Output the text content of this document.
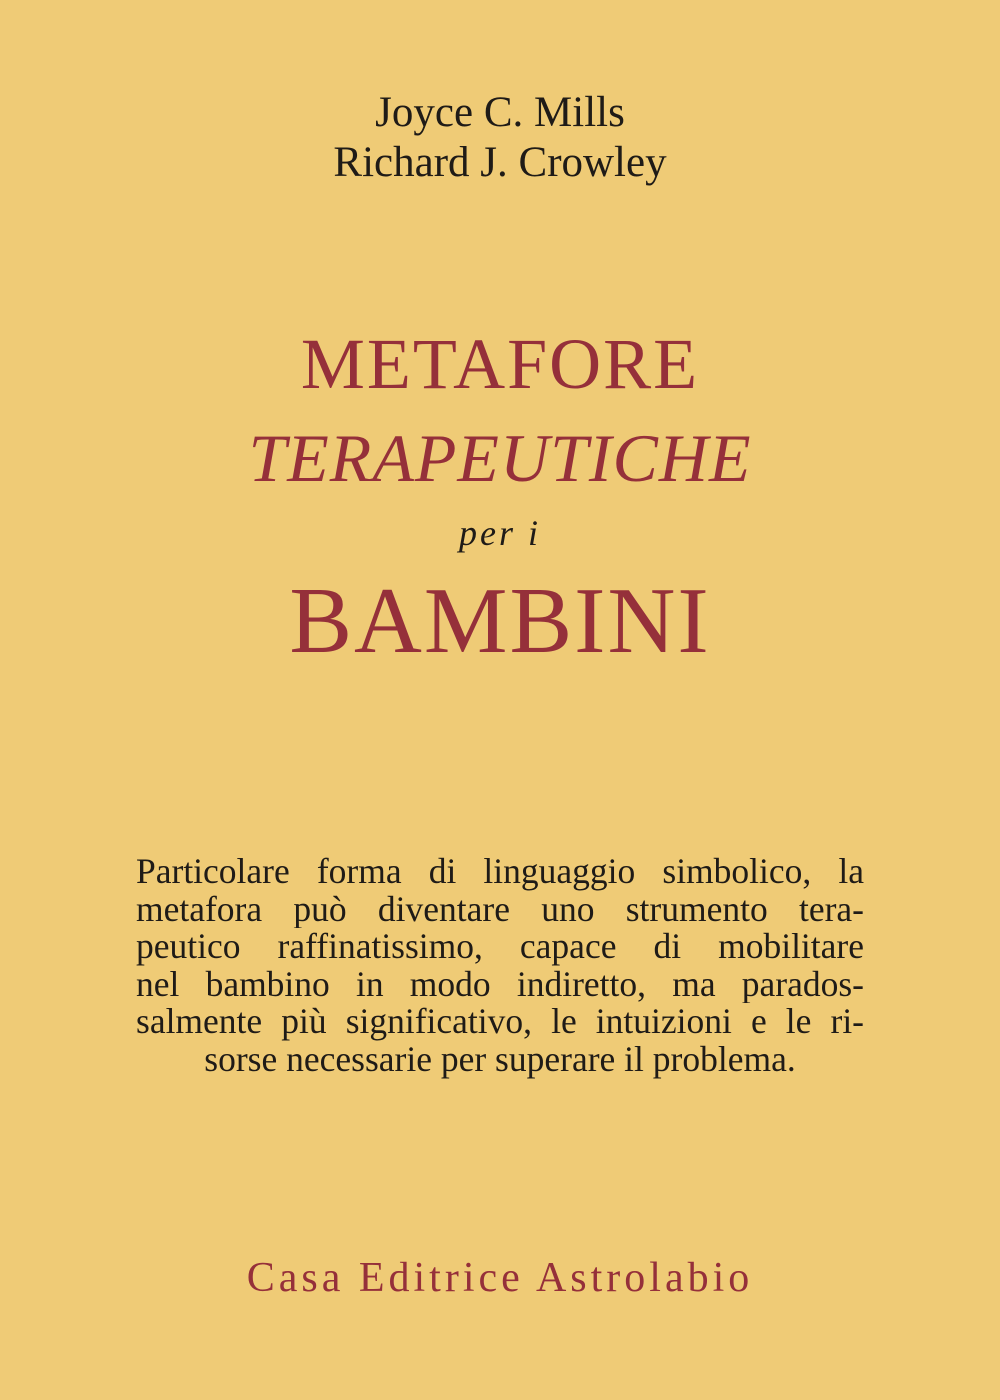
Joyce C. Mills
Richard J. Crowley
METAFORE
TERAPEUTICHE
per i
BAMBINI
Particolare forma di linguaggio simbolico, la
metafora può diventare uno strumento tera-
peutico raffinatissimo, capace di mobilitare
nel bambino in modo indiretto, ma parados-
salmente più significativo, le intuizioni e le ri-
sorse necessarie per superare il problema.
Casa Editrice Astrolabio
